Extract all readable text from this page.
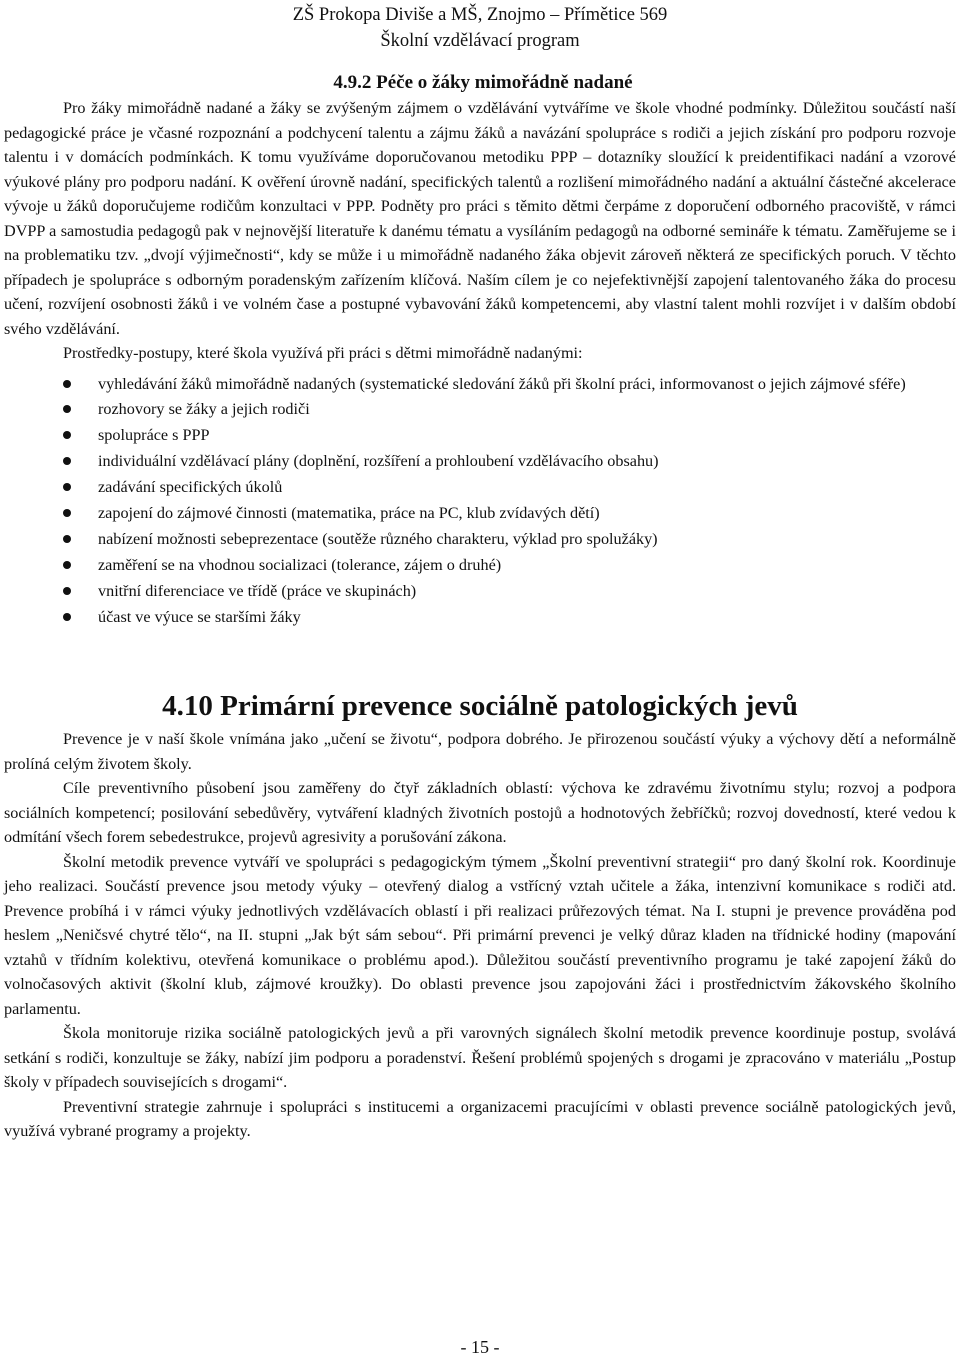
ZŠ Prokopa Diviše a MŠ, Znojmo – Přímětice 569
Školní vzdělávací program
4.9.2 Péče o žáky mimořádně nadané

Pro žáky mimořádně nadané a žáky se zvýšeným zájmem o vzdělávání vytváříme ve škole vhodné podmínky. Důležitou součástí naší pedagogické práce je včasné rozpoznání a podchycení talentu a zájmu žáků a navázání spolupráce s rodiči a jejich získání pro podporu rozvoje talentu i v domácích podmínkách. K tomu využíváme doporučovanou metodiku PPP – dotazníky sloužící k preidentifikaci nadání a vzorové výukové plány pro podporu nadání. K ověření úrovně nadání, specifických talentů a rozlišení mimořádného nadání a aktuální částečné akcelerace vývoje u žáků doporučujeme rodičům konzultaci v PPP. Podněty pro práci s těmito dětmi čerpáme z doporučení odborného pracoviště, v rámci DVPP a samostudia pedagogů pak v nejnovější literatuře k danému tématu a vysíláním pedagogů na odborné semináře k tématu. Zaměřujeme se i na problematiku tzv. „dvojí výjimečnosti“, kdy se může i u mimořádně nadaného žáka objevit zároveň některá ze specifických poruch. V těchto případech je spolupráce s odborným poradenským zařízením klíčová. Naším cílem je co nejefektivnější zapojení talentovaného žáka do procesu učení, rozvíjení osobnosti žáků i ve volném čase a postupné vybavování žáků kompetencemi, aby vlastní talent mohli rozvíjet i v dalším období svého vzdělávání.

Prostředky-postupy, které škola využívá při práci s dětmi mimořádně nadanými:

vyhledávání žáků mimořádně nadaných (systematické sledování žáků při školní práci, informovanost o jejich zájmové sféře)
rozhovory se žáky a jejich rodiči
spolupráce s PPP
individuální vzdělávací plány (doplnění, rozšíření a prohloubení vzdělávacího obsahu)
zadávání specifických úkolů
zapojení do zájmové činnosti (matematika, práce na PC, klub zvídavých dětí)
nabízení možnosti sebeprezentace (soutěže různého charakteru, výklad pro spolužáky)
zaměření se na vhodnou socializaci (tolerance, zájem o druhé)
vnitřní diferenciace ve třídě (práce ve skupinách)
účast ve výuce se staršími žáky
4.10 Primární prevence sociálně patologických jevů

Prevence je v naší škole vnímána jako „učení se životu“, podpora dobrého. Je přirozenou součástí výuky a výchovy dětí a neformálně prolíná celým životem školy.

Cíle preventivního působení jsou zaměřeny do čtyř základních oblastí: výchova ke zdravému životnímu stylu; rozvoj a podpora sociálních kompetencí; posilování sebedůvěry, vytváření kladných životních postojů a hodnotových žebříčků; rozvoj dovedností, které vedou k odmítání všech forem sebedestrukce, projevů agresivity a porušování zákona.

Školní metodik prevence vytváří ve spolupráci s pedagogickým týmem „Školní preventivní strategii“ pro daný školní rok. Koordinuje jeho realizaci. Součástí prevence jsou metody výuky – otevřený dialog a vstřícný vztah učitele a žáka, intenzivní komunikace s rodiči atd. Prevence probíhá i v rámci výuky jednotlivých vzdělávacích oblastí i při realizaci průřezových témat. Na I. stupni je prevence prováděna pod heslem „Neničsvé chytré tělo“, na II. stupni „Jak být sám sebou“. Při primární prevenci je velký důraz kladen na třídnické hodiny (mapování vztahů v třídním kolektivu, otevřená komunikace o problému apod.). Důležitou součástí preventivního programu je také zapojení žáků do volnočasových aktivit (školní klub, zájmové kroužky). Do oblasti prevence jsou zapojováni žáci i prostřednictvím žákovského školního parlamentu.

Škola monitoruje rizika sociálně patologických jevů a při varovných signálech školní metodik prevence koordinuje postup, svolává setkání s rodiči, konzultuje se žáky, nabízí jim podporu a poradenství. Řešení problémů spojených s drogami je zpracováno v materiálu „Postup školy v případech souvisejících s drogami“.

Preventivní strategie zahrnuje i spolupráci s institucemi a organizacemi pracujícími v oblasti prevence sociálně patologických jevů, využívá vybrané programy a projekty.

- 15 -
